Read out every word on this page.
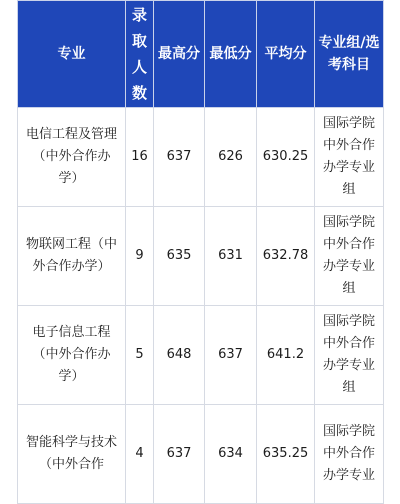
专业	录取人数	最高分	最低分	平均分	专业组/选考科目
电信工程及管理（中外合作办学）	16	637	626	630.25	国际学院中外合作办学专业组
物联网工程（中外合作办学）	9	635	631	632.78	国际学院中外合作办学专业组
电子信息工程（中外合作办学）	5	648	637	641.2	国际学院中外合作办学专业组
智能科学与技术（中外合作	4	637	634	635.25	国际学院中外合作办学专业
